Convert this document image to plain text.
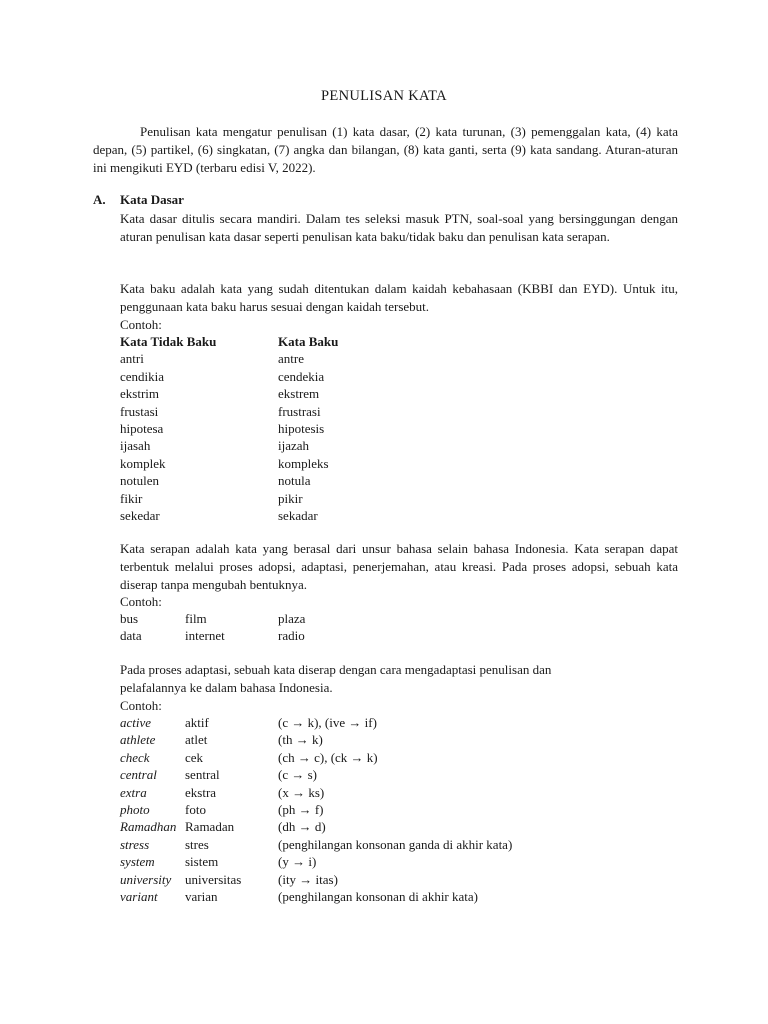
PENULISAN KATA
Penulisan kata mengatur penulisan (1) kata dasar, (2) kata turunan, (3) pemenggalan kata, (4) kata depan, (5) partikel, (6) singkatan, (7) angka dan bilangan, (8) kata ganti, serta (9) kata sandang. Aturan-aturan ini mengikuti EYD (terbaru edisi V, 2022).
A. Kata Dasar
Kata dasar ditulis secara mandiri. Dalam tes seleksi masuk PTN, soal-soal yang bersinggungan dengan aturan penulisan kata dasar seperti penulisan kata baku/tidak baku dan penulisan kata serapan.
Kata baku adalah kata yang sudah ditentukan dalam kaidah kebahasaan (KBBI dan EYD). Untuk itu, penggunaan kata baku harus sesuai dengan kaidah tersebut.
Contoh:
Kata Tidak Baku	Kata Baku
antri	antre
cendikia	cendekia
ekstrim	ekstrem
frustasi	frustrasi
hipotesa	hipotesis
ijasah	ijazah
komplek	kompleks
notulen	notula
fikir	pikir
sekedar	sekadar
Kata serapan adalah kata yang berasal dari unsur bahasa selain bahasa Indonesia. Kata serapan dapat terbentuk melalui proses adopsi, adaptasi, penerjemahan, atau kreasi. Pada proses adopsi, sebuah kata diserap tanpa mengubah bentuknya.
Contoh:
bus	film	plaza
data	internet	radio
Pada proses adaptasi, sebuah kata diserap dengan cara mengadaptasi penulisan dan
pelafalannya ke dalam bahasa Indonesia.
Contoh:
active	aktif	(c → k), (ive → if)
athlete atlet	(th → k)
check	cek	(ch → c), (ck → k)
central sentral	(c → s)
extra	ekstra	(x → ks)
photo	foto	(ph → f)
Ramadhan Ramadan	(dh → d)
stress	stres	(penghilangan konsonan ganda di akhir kata)
system sistem	(y → i)
university universitas	(ity → itas)
variant varian	(penghilangan konsonan di akhir kata)
